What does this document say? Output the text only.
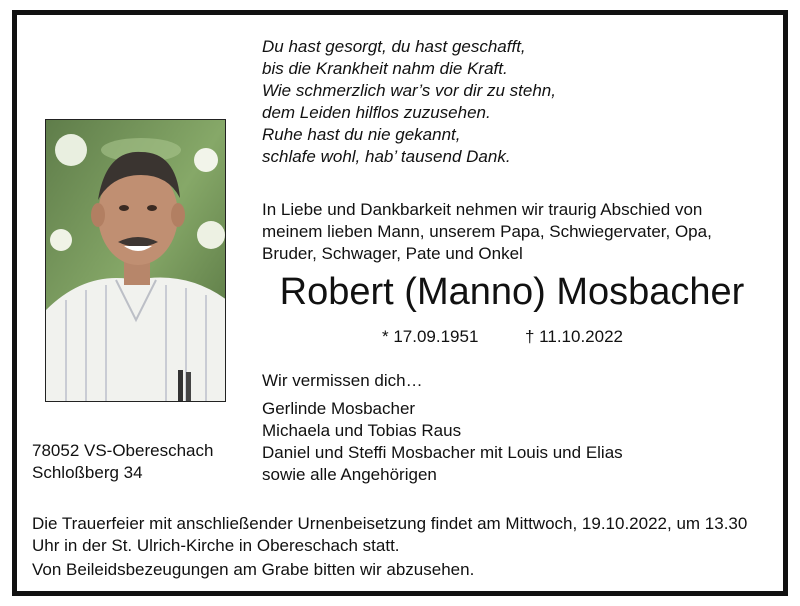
Du hast gesorgt, du hast geschafft,
bis die Krankheit nahm die Kraft.
Wie schmerzlich war’s vor dir zu stehn,
dem Leiden hilflos zuzusehen.
Ruhe hast du nie gekannt,
schlafe wohl, hab’ tausend Dank.

In Liebe und Dankbarkeit nehmen wir traurig Abschied von meinem lieben Mann, unserem Papa, Schwiegervater, Opa, Bruder, Schwager, Pate und Onkel

Robert (Manno) Mosbacher
* 17.09.1951	† 11.10.2022
Wir vermissen dich…
Gerlinde Mosbacher
Michaela und Tobias Raus
Daniel und Steffi Mosbacher mit Louis und Elias
sowie alle Angehörigen
78052 VS-Obereschach
Schloßberg 34

Die Trauerfeier mit anschließender Urnenbeisetzung findet am Mittwoch, 19.10.2022, um 13.30 Uhr in der St. Ulrich-Kirche in Obereschach statt.

Von Beileidsbezeugungen am Grabe bitten wir abzusehen.
